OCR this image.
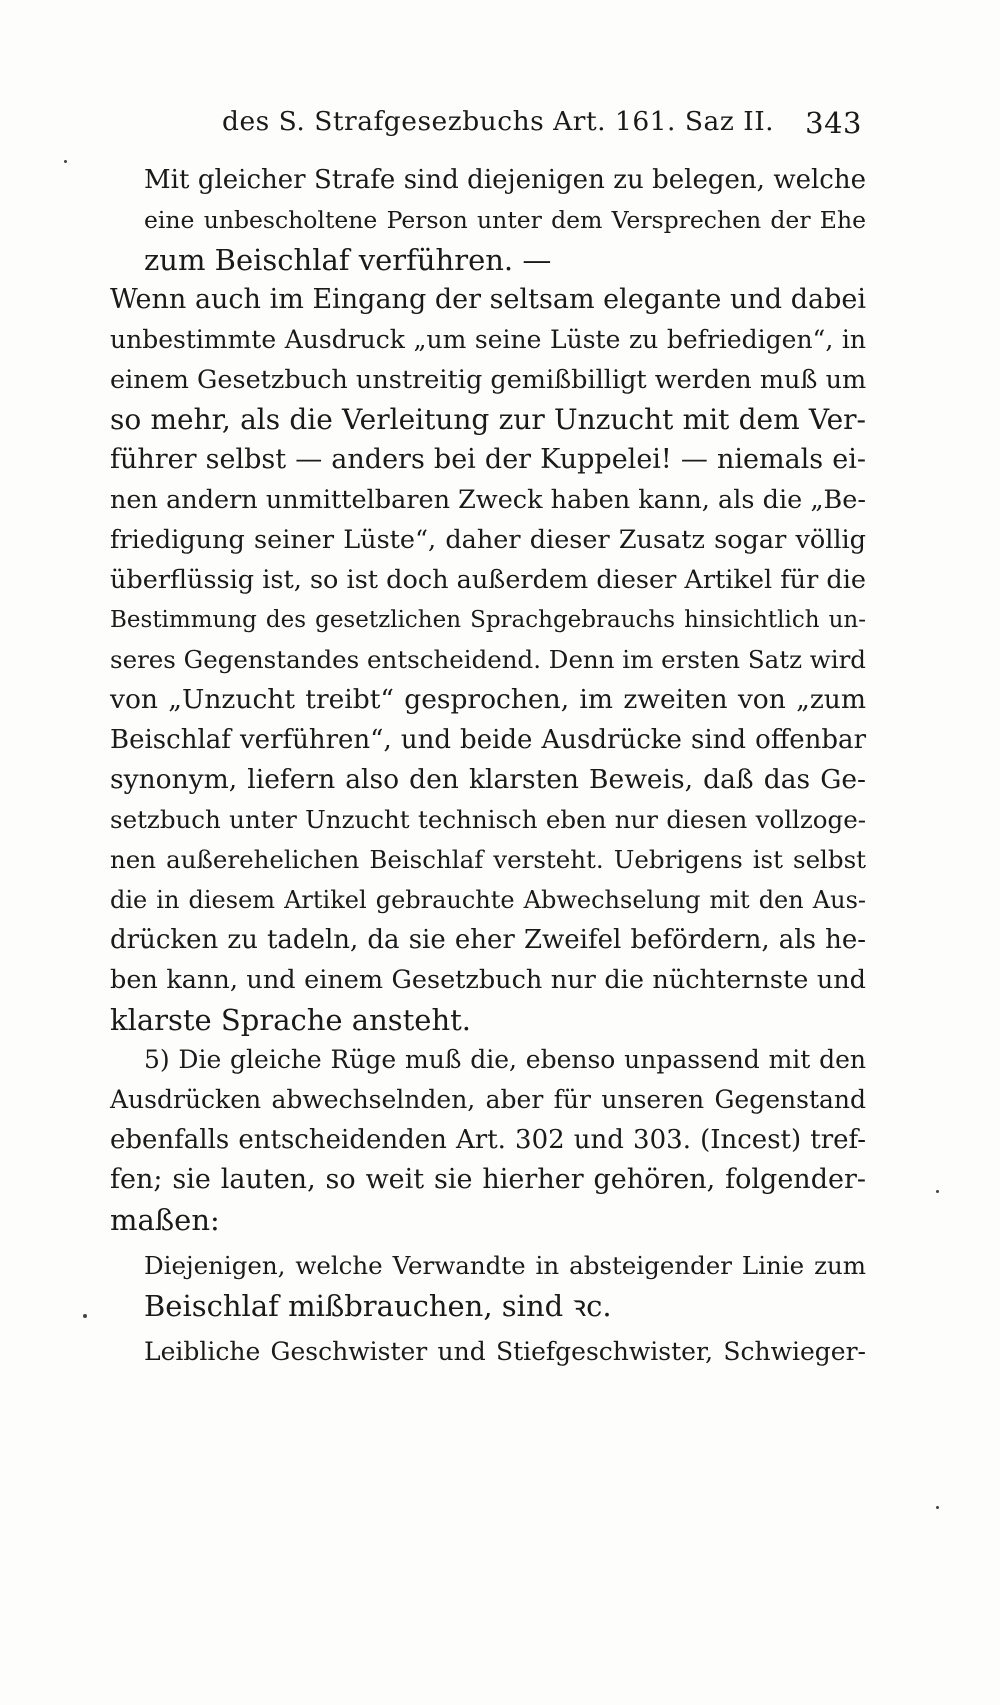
des S. Strafgesezbuchs Art. 161. Saz II. 343
Mit gleicher Strafe sind diejenigen zu belegen, welche
eine unbescholtene Person unter dem Versprechen der Ehe
zum Beischlaf verführen. —
Wenn auch im Eingang der seltsam elegante und dabei
unbestimmte Ausdruck „um seine Lüste zu befriedigen“, in
einem Gesetzbuch unstreitig gemißbilligt werden muß um
so mehr, als die Verleitung zur Unzucht mit dem Ver-
führer selbst — anders bei der Kuppelei! — niemals ei-
nen andern unmittelbaren Zweck haben kann, als die „Be-
friedigung seiner Lüste“, daher dieser Zusatz sogar völlig
überflüssig ist, so ist doch außerdem dieser Artikel für die
Bestimmung des gesetzlichen Sprachgebrauchs hinsichtlich un-
seres Gegenstandes entscheidend. Denn im ersten Satz wird
von „Unzucht treibt“ gesprochen, im zweiten von „zum
Beischlaf verführen“, und beide Ausdrücke sind offenbar
synonym, liefern also den klarsten Beweis, daß das Ge-
setzbuch unter Unzucht technisch eben nur diesen vollzoge-
nen außerehelichen Beischlaf versteht. Uebrigens ist selbst
die in diesem Artikel gebrauchte Abwechselung mit den Aus-
drücken zu tadeln, da sie eher Zweifel befördern, als he-
ben kann, und einem Gesetzbuch nur die nüchternste und
klarste Sprache ansteht.
5) Die gleiche Rüge muß die, ebenso unpassend mit den
Ausdrücken abwechselnden, aber für unseren Gegenstand
ebenfalls entscheidenden Art. 302 und 303. (Incest) tref-
fen; sie lauten, so weit sie hierher gehören, folgender-
maßen:
Diejenigen, welche Verwandte in absteigender Linie zum
Beischlaf mißbrauchen, sind ꝛc.
Leibliche Geschwister und Stiefgeschwister, Schwieger-
